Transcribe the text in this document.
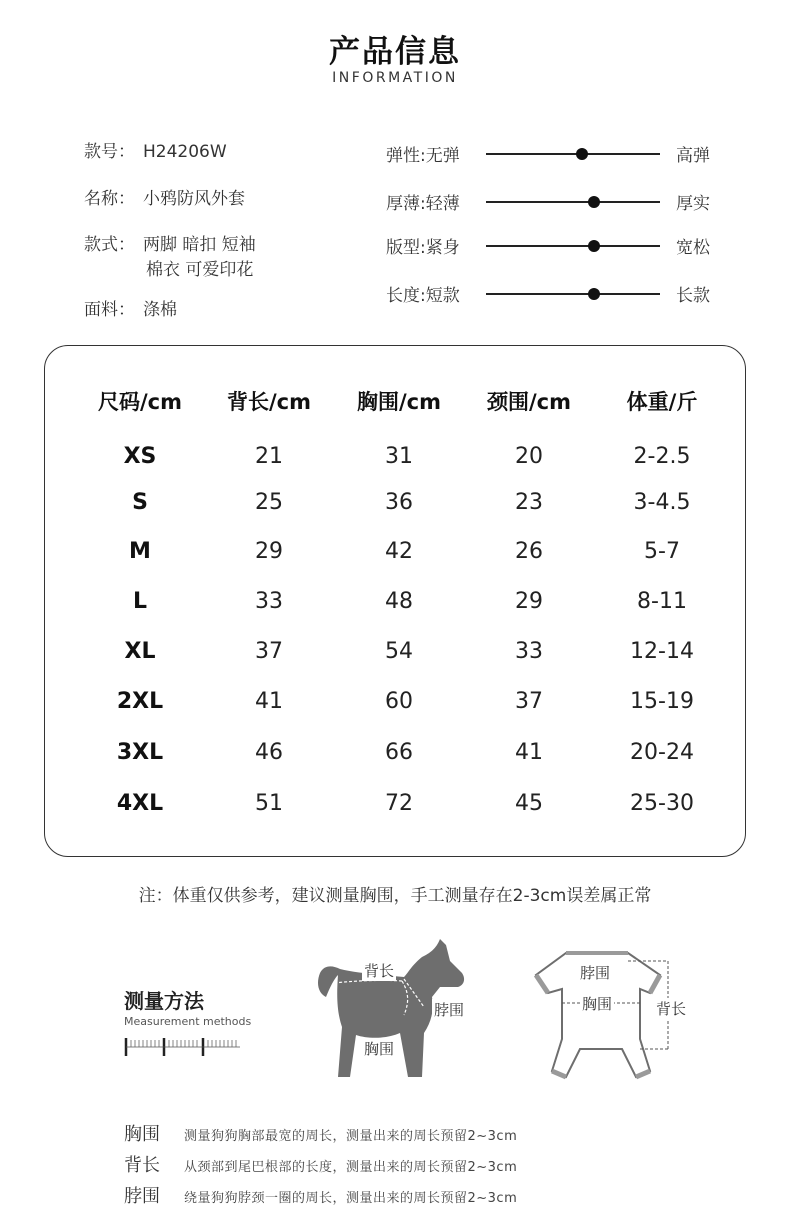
产品信息
INFORMATION
款号： H24206W
名称： 小鸦防风外套
款式： 两脚 暗扣 短袖
棉衣 可爱印花
面料： 涤棉
弹性:无弹	高弹
厚薄:轻薄	厚实
版型:紧身	宽松
长度:短款	长款
尺码/cm	背长/cm	胸围/cm	颈围/cm	体重/斤
XS	21	31	20	2-2.5
S	25	36	23	3-4.5
M	29	42	26	5-7
L	33	48	29	8-11
XL	37	54	33	12-14
2XL	41	60	37	15-19
3XL	46	66	41	20-24
4XL	51	72	45	25-30
注：体重仅供参考，建议测量胸围，手工测量存在2-3cm误差属正常
测量方法
Measurement methods
背长
脖围
胸围
脖围
胸围	背长
胸围 测量狗狗胸部最宽的周长，测量出来的周长预留2~3cm
背长 从颈部到尾巴根部的长度，测量出来的周长预留2~3cm
脖围 绕量狗狗脖颈一圈的周长，测量出来的周长预留2~3cm
